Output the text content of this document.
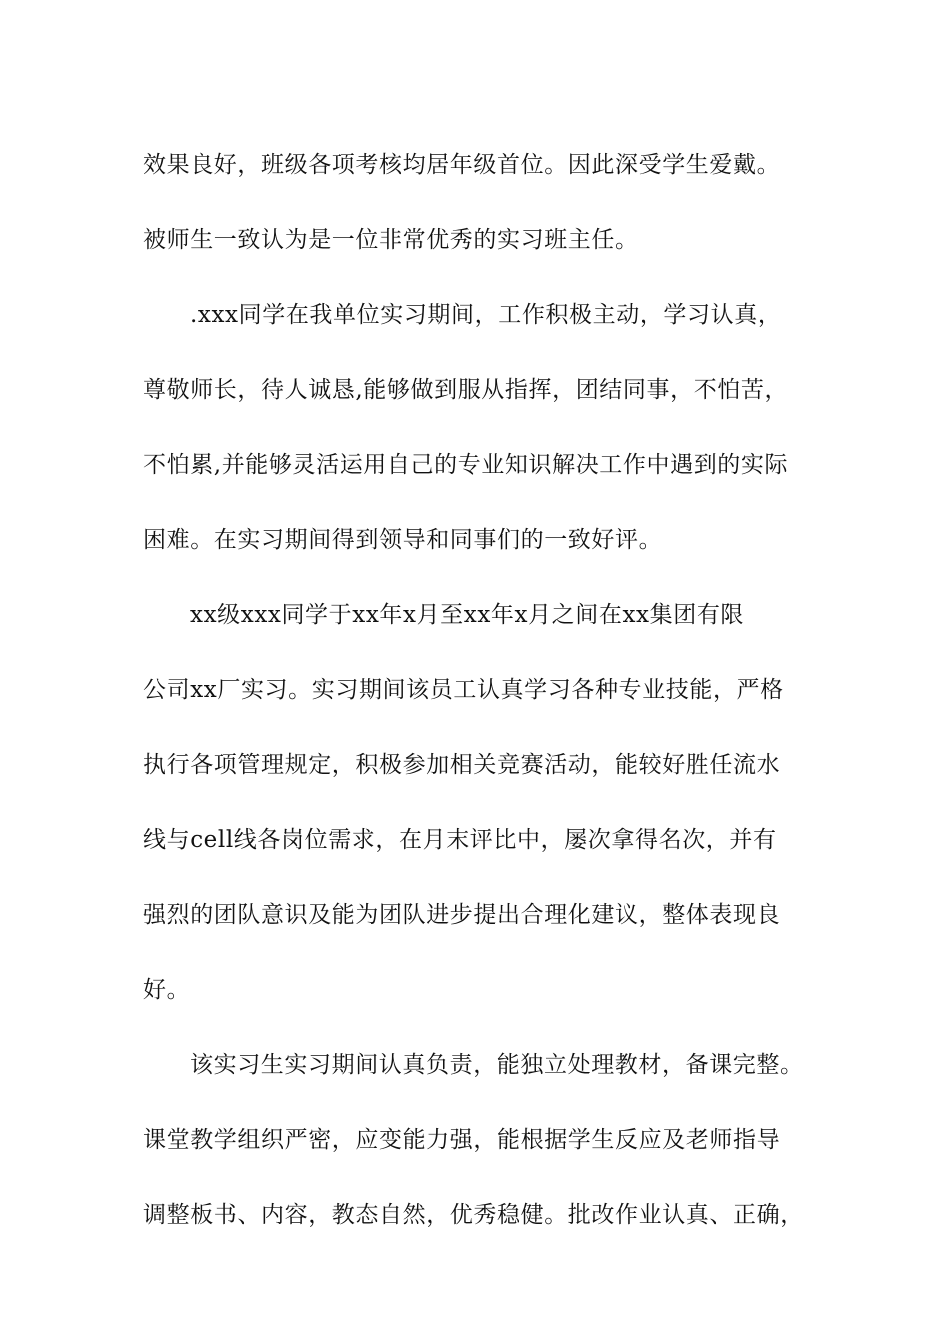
效果良好，班级各项考核均居年级首位。因此深受学生爱戴。
被师生一致认为是一位非常优秀的实习班主任。
.xxx同学在我单位实习期间，工作积极主动，学习认真，
尊敬师长，待人诚恳,能够做到服从指挥，团结同事，不怕苦，
不怕累,并能够灵活运用自己的专业知识解决工作中遇到的实际
困难。在实习期间得到领导和同事们的一致好评。
xx级xxx同学于xx年x月至xx年x月之间在xx集团有限
公司xx厂实习。实习期间该员工认真学习各种专业技能，严格
执行各项管理规定，积极参加相关竞赛活动，能较好胜任流水
线与cell线各岗位需求，在月末评比中，屡次拿得名次，并有
强烈的团队意识及能为团队进步提出合理化建议，整体表现良
好。
该实习生实习期间认真负责，能独立处理教材，备课完整。
课堂教学组织严密，应变能力强，能根据学生反应及老师指导
调整板书、内容，教态自然，优秀稳健。批改作业认真、正确，
